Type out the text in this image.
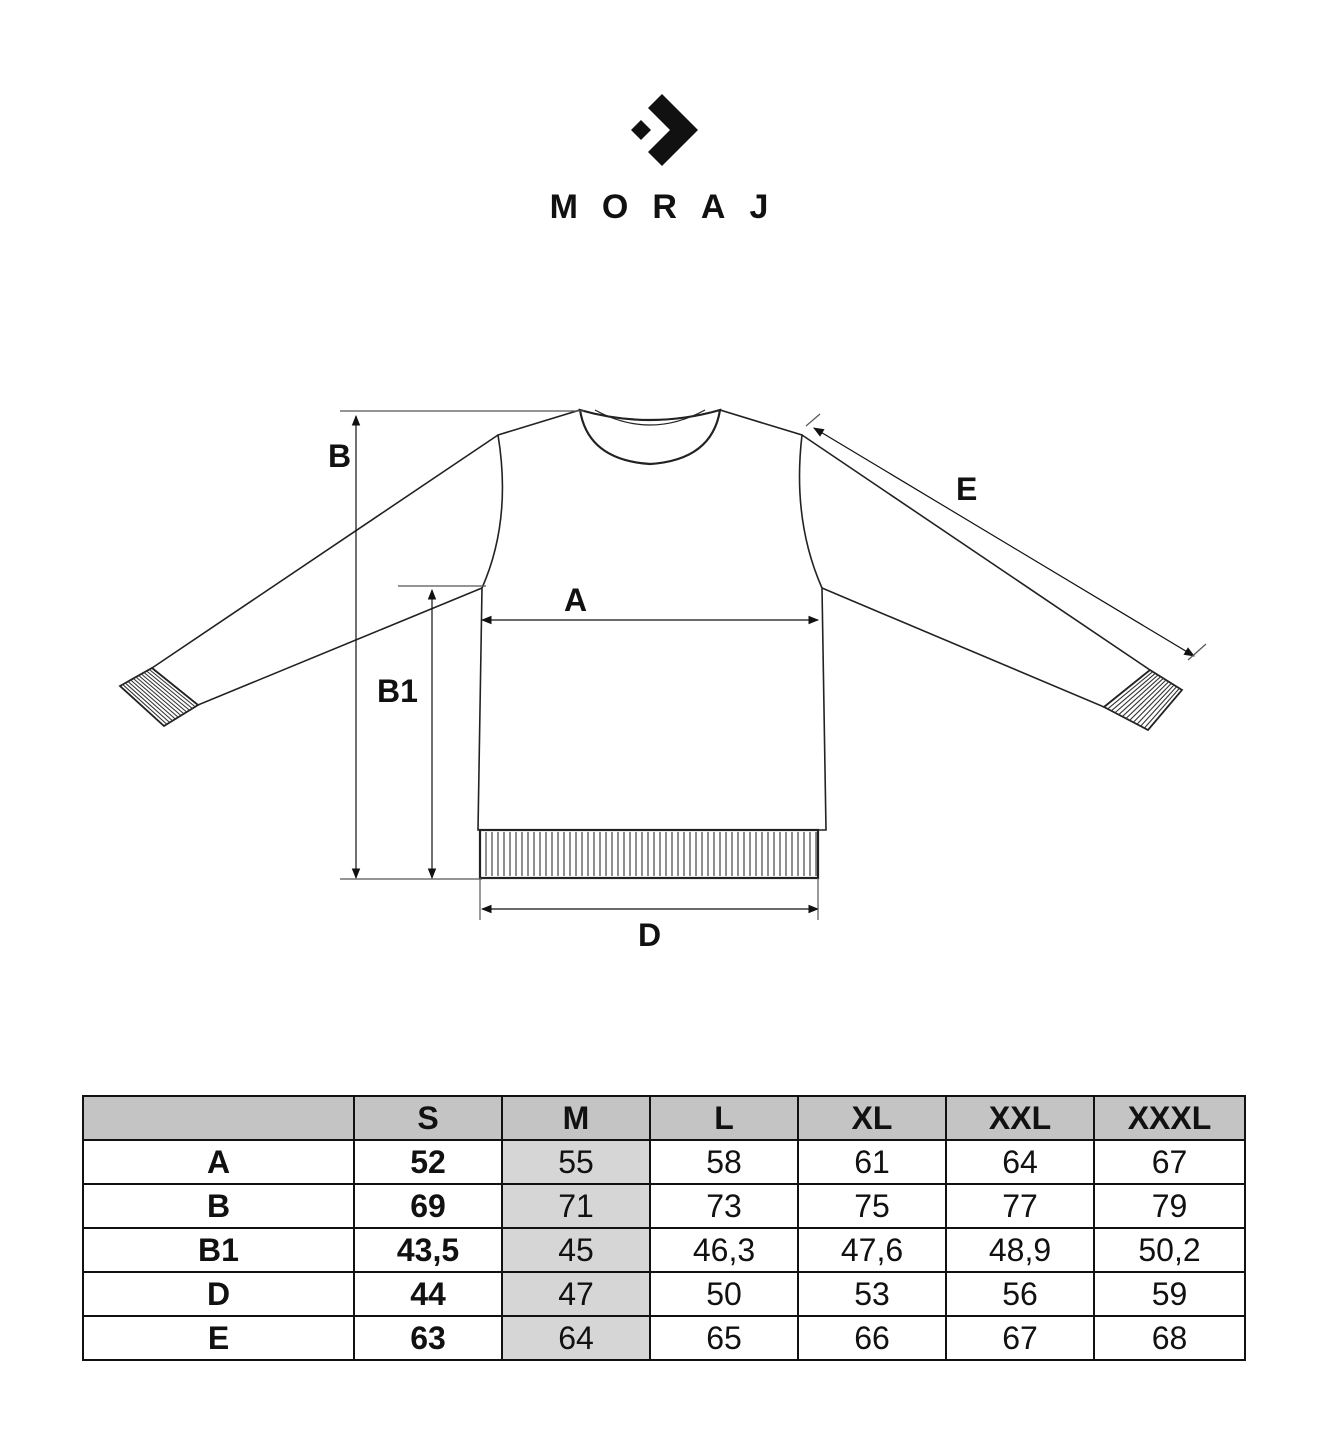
MORAJ
B
B1
A
D
E
	S	M	L	XL	XXL	XXXL
A	52	55	58	61	64	67
B	69	71	73	75	77	79
B1	43,5	45	46,3	47,6	48,9	50,2
D	44	47	50	53	56	59
E	63	64	65	66	67	68
